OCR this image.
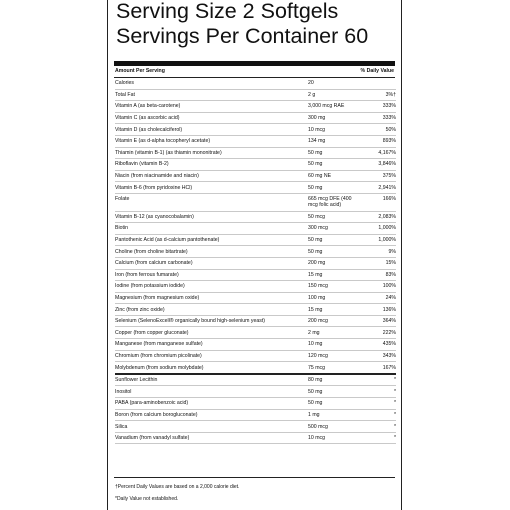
Serving Size 2 Softgels
Servings Per Container 60
Amount Per Serving	% Daily Value
Calories	20	
Total Fat	2 g	3%†
Vitamin A (as beta-carotene)	3,000 mcg RAE	333%
Vitamin C (as ascorbic acid)	300 mg	333%
Vitamin D (as cholecalciferol)	10 mcg	50%
Vitamin E (as d-alpha tocopheryl acetate)	134 mg	893%
Thiamin (vitamin B-1) (as thiamin mononitrate)	50 mg	4,167%
Riboflavin (vitamin B-2)	50 mg	3,846%
Niacin (from niacinamide and niacin)	60 mg NE	375%
Vitamin B-6 (from pyridoxine HCl)	50 mg	2,941%
Folate	665 mcg DFE (400 mcg folic acid)	166%
Vitamin B-12 (as cyanocobalamin)	50 mcg	2,083%
Biotin	300 mcg	1,000%
Pantothenic Acid (as d-calcium pantothenate)	50 mg	1,000%
Choline (from choline bitartrate)	50 mg	9%
Calcium (from calcium carbonate)	200 mg	15%
Iron (from ferrous fumarate)	15 mg	83%
Iodine (from potassium iodide)	150 mcg	100%
Magnesium (from magnesium oxide)	100 mg	24%
Zinc (from zinc oxide)	15 mg	136%
Selenium (SelenoExcell® organically bound high-selenium yeast)	200 mcg	364%
Copper (from copper gluconate)	2 mg	222%
Manganese (from manganese sulfate)	10 mg	435%
Chromium (from chromium picolinate)	120 mcg	343%
Molybdenum (from sodium molybdate)	75 mcg	167%
Sunflower Lecithin	80 mg	*
Inositol	50 mg	*
PABA (para-aminobenzoic acid)	50 mg	*
Boron (from calcium borogluconate)	1 mg	*
Silica	500 mcg	*
Vanadium (from vanadyl sulfate)	10 mcg	*
†Percent Daily Values are based on a 2,000 calorie diet.
*Daily Value not established.
